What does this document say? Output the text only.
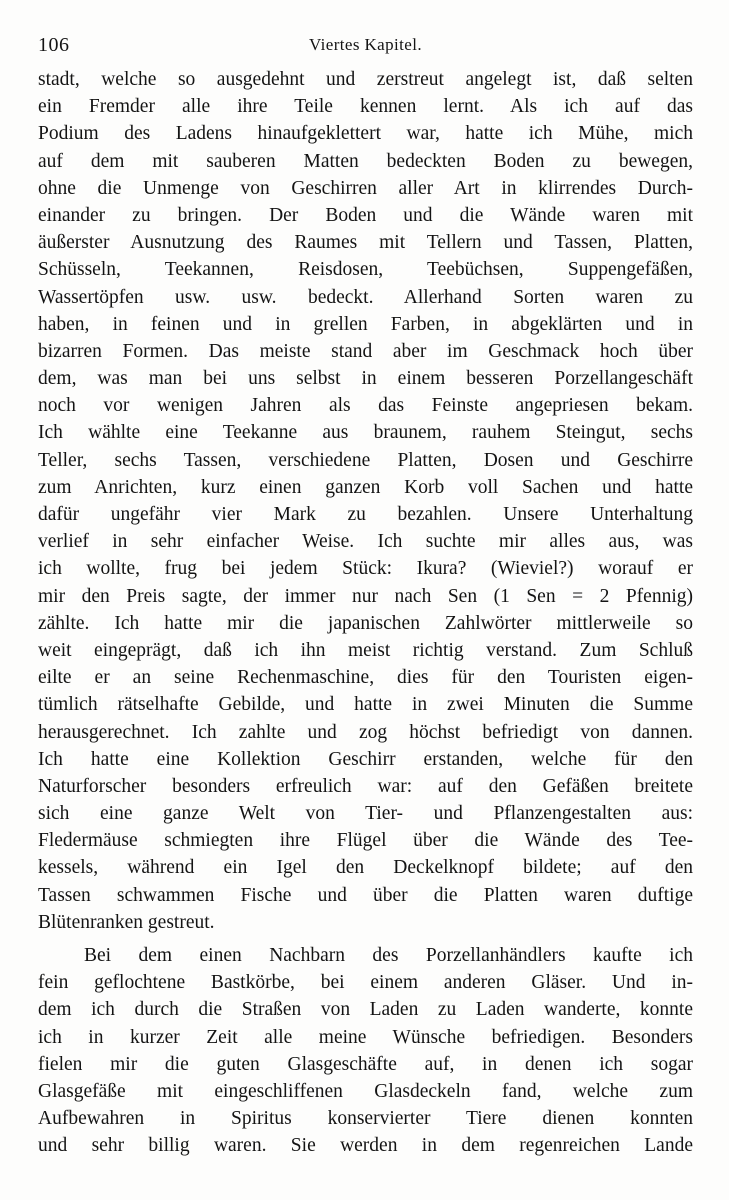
106	Viertes Kapitel.
stadt, welche so ausgedehnt und zerstreut angelegt ist, daß selten
ein Fremder alle ihre Teile kennen lernt. Als ich auf das
Podium des Ladens hinaufgeklettert war, hatte ich Mühe, mich
auf dem mit sauberen Matten bedeckten Boden zu bewegen,
ohne die Unmenge von Geschirren aller Art in klirrendes Durch-
einander zu bringen. Der Boden und die Wände waren mit
äußerster Ausnutzung des Raumes mit Tellern und Tassen, Platten,
Schüsseln, Teekannen, Reisdosen, Teebüchsen, Suppengefäßen,
Wassertöpfen usw. usw. bedeckt. Allerhand Sorten waren zu
haben, in feinen und in grellen Farben, in abgeklärten und in
bizarren Formen. Das meiste stand aber im Geschmack hoch über
dem, was man bei uns selbst in einem besseren Porzellangeschäft
noch vor wenigen Jahren als das Feinste angepriesen bekam.
Ich wählte eine Teekanne aus braunem, rauhem Steingut, sechs
Teller, sechs Tassen, verschiedene Platten, Dosen und Geschirre
zum Anrichten, kurz einen ganzen Korb voll Sachen und hatte
dafür ungefähr vier Mark zu bezahlen. Unsere Unterhaltung
verlief in sehr einfacher Weise. Ich suchte mir alles aus, was
ich wollte, frug bei jedem Stück: Ikura? (Wieviel?) worauf er
mir den Preis sagte, der immer nur nach Sen (1 Sen = 2 Pfennig)
zählte. Ich hatte mir die japanischen Zahlwörter mittlerweile so
weit eingeprägt, daß ich ihn meist richtig verstand. Zum Schluß
eilte er an seine Rechenmaschine, dies für den Touristen eigen-
tümlich rätselhafte Gebilde, und hatte in zwei Minuten die Summe
herausgerechnet. Ich zahlte und zog höchst befriedigt von dannen.
Ich hatte eine Kollektion Geschirr erstanden, welche für den
Naturforscher besonders erfreulich war: auf den Gefäßen breitete
sich eine ganze Welt von Tier- und Pflanzengestalten aus:
Fledermäuse schmiegten ihre Flügel über die Wände des Tee-
kessels, während ein Igel den Deckelknopf bildete; auf den
Tassen schwammen Fische und über die Platten waren duftige
Blütenranken gestreut.
Bei dem einen Nachbarn des Porzellanhändlers kaufte ich
fein geflochtene Bastkörbe, bei einem anderen Gläser. Und in-
dem ich durch die Straßen von Laden zu Laden wanderte, konnte
ich in kurzer Zeit alle meine Wünsche befriedigen. Besonders
fielen mir die guten Glasgeschäfte auf, in denen ich sogar
Glasgefäße mit eingeschliffenen Glasdeckeln fand, welche zum
Aufbewahren in Spiritus konservierter Tiere dienen konnten
und sehr billig waren. Sie werden in dem regenreichen Lande
